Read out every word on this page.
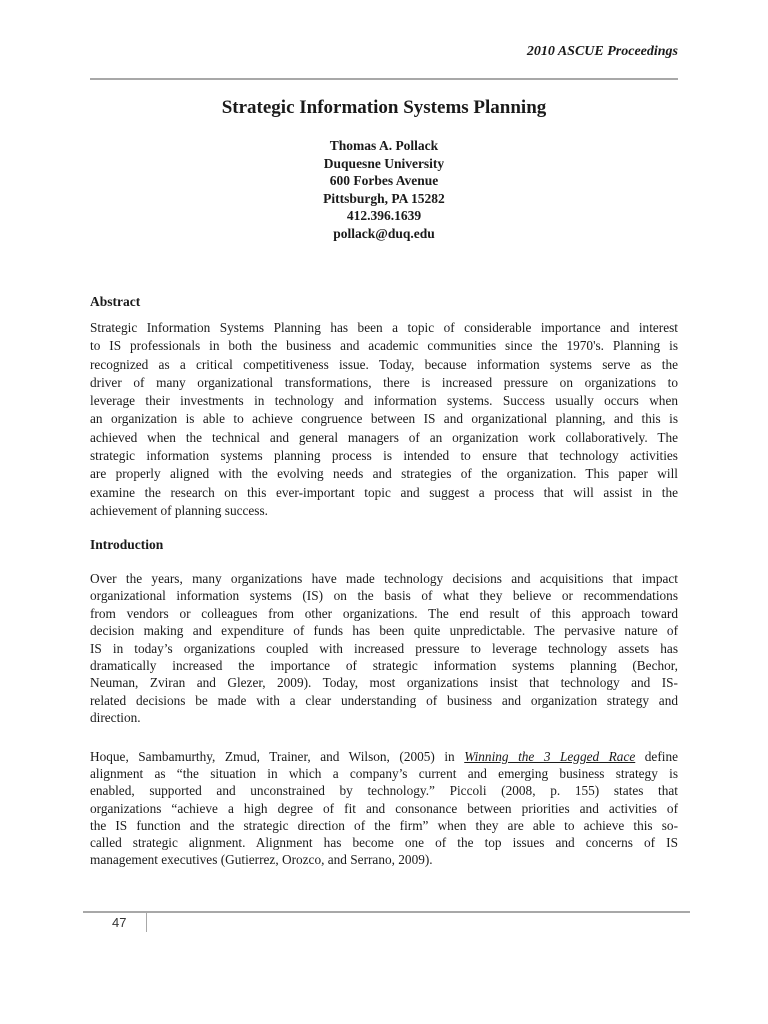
2010 ASCUE Proceedings
Strategic Information Systems Planning
Thomas A. Pollack
Duquesne University
600 Forbes Avenue
Pittsburgh, PA 15282
412.396.1639
pollack@duq.edu
Abstract
Strategic Information Systems Planning has been a topic of considerable importance and interest
to IS professionals in both the business and academic communities since the 1970's. Planning is
recognized as a critical competitiveness issue. Today, because information systems serve as the
driver of many organizational transformations, there is increased pressure on organizations to
leverage their investments in technology and information systems. Success usually occurs when
an organization is able to achieve congruence between IS and organizational planning, and this is
achieved when the technical and general managers of an organization work collaboratively. The
strategic information systems planning process is intended to ensure that technology activities
are properly aligned with the evolving needs and strategies of the organization. This paper will
examine the research on this ever-important topic and suggest a process that will assist in the
achievement of planning success.
Introduction
Over the years, many organizations have made technology decisions and acquisitions that impact
organizational information systems (IS) on the basis of what they believe or recommendations
from vendors or colleagues from other organizations. The end result of this approach toward
decision making and expenditure of funds has been quite unpredictable. The pervasive nature of
IS in today’s organizations coupled with increased pressure to leverage technology assets has
dramatically increased the importance of strategic information systems planning (Bechor,
Neuman, Zviran and Glezer, 2009). Today, most organizations insist that technology and IS-
related decisions be made with a clear understanding of business and organization strategy and
direction.
Hoque, Sambamurthy, Zmud, Trainer, and Wilson, (2005) in Winning the 3 Legged Race define
alignment as “the situation in which a company’s current and emerging business strategy is
enabled, supported and unconstrained by technology.” Piccoli (2008, p. 155) states that
organizations “achieve a high degree of fit and consonance between priorities and activities of
the IS function and the strategic direction of the firm” when they are able to achieve this so-
called strategic alignment. Alignment has become one of the top issues and concerns of IS
management executives (Gutierrez, Orozco, and Serrano, 2009).
47
